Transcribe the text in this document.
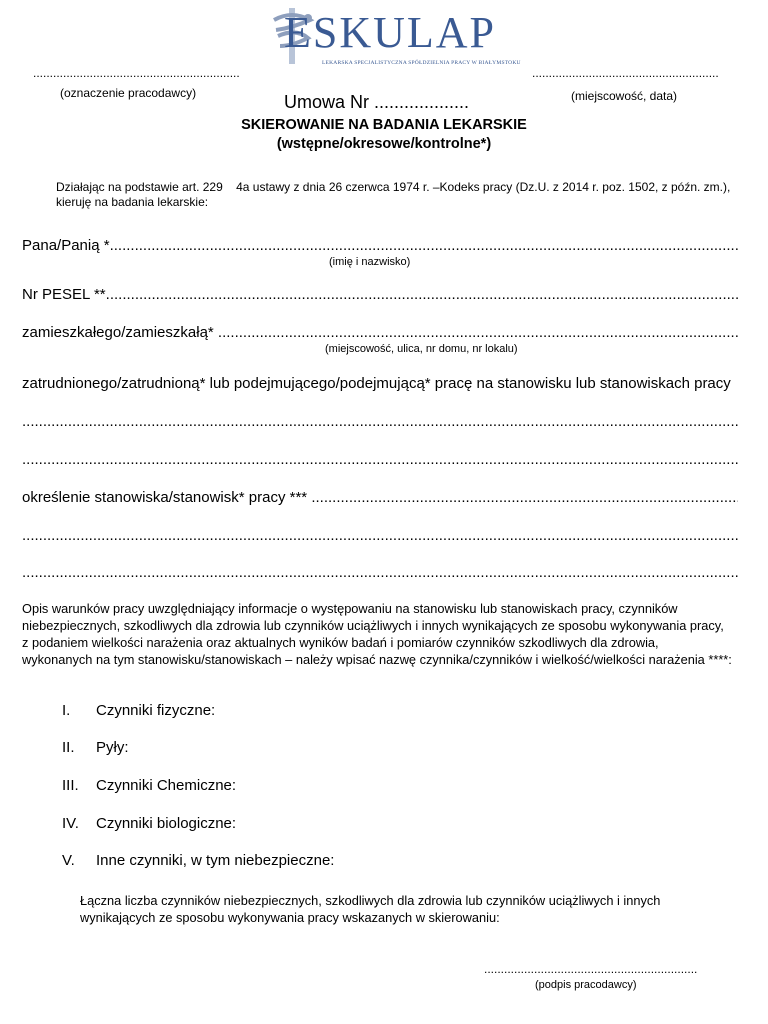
ESKULAP
LEKARSKA SPECJALISTYCZNA SPÓŁDZIELNIA PRACY W BIAŁYMSTOKU
.....
(oznaczenie pracodawcy)
.....	(miejscowość, data)
Umowa Nr ...................
SKIEROWANIE NA BADANIA LEKARSKIE
(wstępne/okresowe/kontrolne*)
Działając na podstawie art. 229    4a ustawy z dnia 26 czerwca 1974 r. –Kodeks pracy (Dz.U. z 2014 r. poz. 1502, z późn. zm.),
kieruję na badania lekarskie:
Pana/Panią *
.....
(imię i nazwisko)
Nr PESEL **
.....
zamieszkałego/zamieszkałą*
.....
(miejscowość, ulica, nr domu, nr lokalu)
zatrudnionego/zatrudnioną* lub podejmującego/podejmującą* pracę na stanowisku lub stanowiskach pracy
.....
.....
określenie stanowiska/stanowisk* pracy ***
.....
.....
.....
Opis warunków pracy uwzględniający informacje o występowaniu na stanowisku lub stanowiskach pracy, czynników
niebezpiecznych, szkodliwych dla zdrowia lub czynników uciążliwych i innych wynikających ze sposobu wykonywania pracy,
z podaniem wielkości narażenia oraz aktualnych wyników badań i pomiarów czynników szkodliwych dla zdrowia,
wykonanych na tym stanowisku/stanowiskach – należy wpisać nazwę czynnika/czynników i wielkość/wielkości narażenia ****:
I. Czynniki fizyczne:
II. Pyły:
III. Czynniki Chemiczne:
IV. Czynniki biologiczne:
V. Inne czynniki, w tym niebezpieczne:
Łączna liczba czynników niebezpiecznych, szkodliwych dla zdrowia lub czynników uciążliwych i innych
wynikających ze sposobu wykonywania pracy wskazanych w skierowaniu:
.....
(podpis pracodawcy)
